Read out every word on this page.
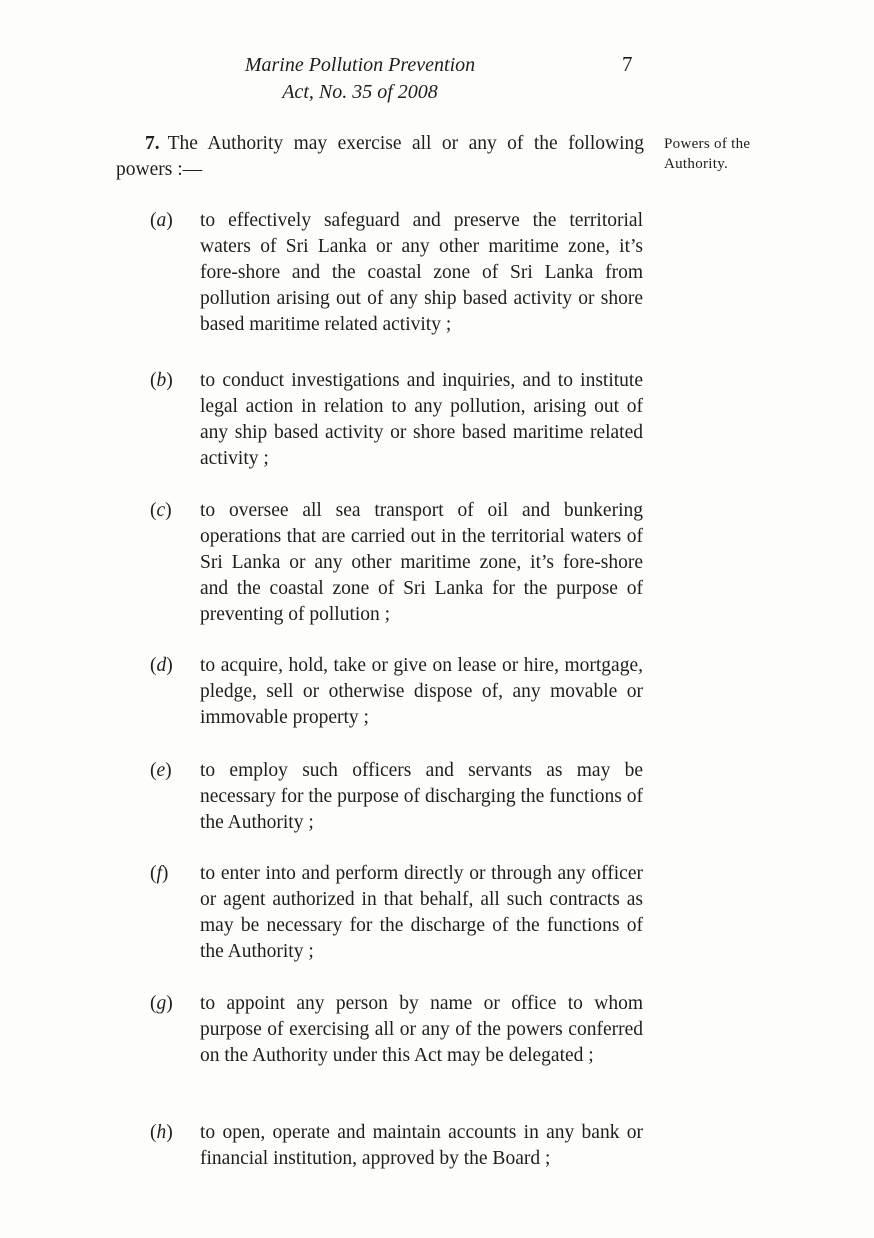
Marine Pollution Prevention
Act, No. 35 of 2008
7
7. The Authority may exercise all or any of the following
powers :—
Powers of the
Authority.
(a)	to effectively safeguard and preserve the territorial waters of Sri Lanka or any other maritime zone, it’s fore-shore and the coastal zone of Sri Lanka from pollution arising out of any ship based activity or shore based maritime related activity ;
(b)	to conduct investigations and inquiries, and to institute legal action in relation to any pollution, arising out of any ship based activity or shore based maritime related activity ;
(c)	to oversee all sea transport of oil and bunkering operations that are carried out in the territorial waters of Sri Lanka or any other maritime zone, it’s fore-shore and the coastal zone of Sri Lanka for the purpose of preventing of pollution ;
(d)	to acquire, hold, take or give on lease or hire, mortgage, pledge, sell or otherwise dispose of, any movable or immovable property ;
(e)	to employ such officers and servants as may be necessary for the purpose of discharging the functions of the Authority ;
(f)	to enter into and perform directly or through any officer or agent authorized in that behalf, all such contracts as may be necessary for the discharge of the functions of the Authority ;
(g)	to appoint any person by name or office to whom purpose of exercising all or any of the powers conferred on the Authority under this Act may be delegated ;
(h)	to open, operate and maintain accounts in any bank or financial institution, approved by the Board ;
